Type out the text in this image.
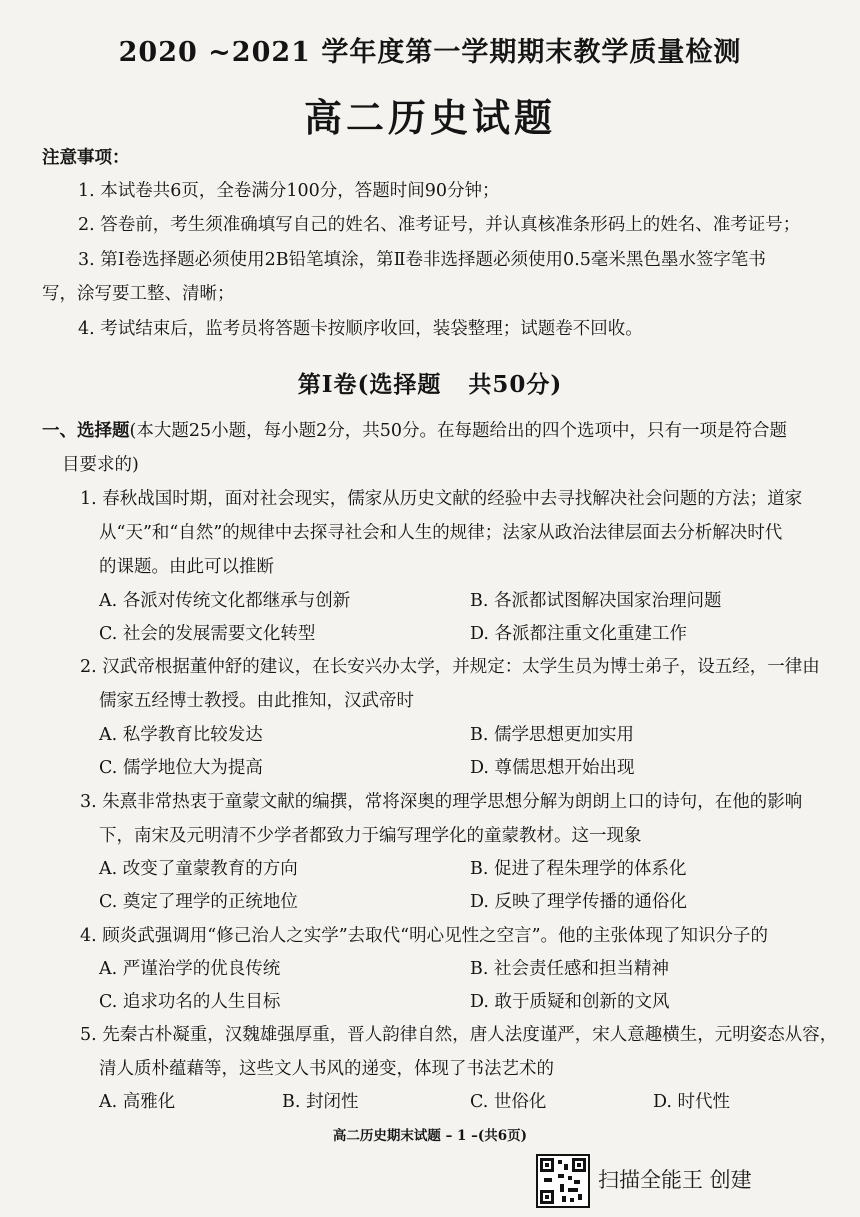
2020 ~2021 学年度第一学期期末教学质量检测
高二历史试题
注意事项：
1. 本试卷共6页，全卷满分100分，答题时间90分钟；
2. 答卷前，考生须准确填写自己的姓名、准考证号，并认真核准条形码上的姓名、准考证号；
3. 第Ⅰ卷选择题必须使用2B铅笔填涂，第Ⅱ卷非选择题必须使用0.5毫米黑色墨水签字笔书
写，涂写要工整、清晰；
4. 考试结束后，监考员将答题卡按顺序收回，装袋整理；试题卷不回收。
第Ⅰ卷(选择题   共50分)
一、选择题(本大题25小题，每小题2分，共50分。在每题给出的四个选项中，只有一项是符合题
目要求的)
1. 春秋战国时期，面对社会现实，儒家从历史文献的经验中去寻找解决社会问题的方法；道家
从“天”和“自然”的规律中去探寻社会和人生的规律；法家从政治法律层面去分析解决时代
的课题。由此可以推断
A. 各派对传统文化都继承与创新	B. 各派都试图解决国家治理问题
C. 社会的发展需要文化转型	D. 各派都注重文化重建工作
2. 汉武帝根据董仲舒的建议，在长安兴办太学，并规定：太学生员为博士弟子，设五经，一律由
儒家五经博士教授。由此推知，汉武帝时
A. 私学教育比较发达	B. 儒学思想更加实用
C. 儒学地位大为提高	D. 尊儒思想开始出现
3. 朱熹非常热衷于童蒙文献的编撰，常将深奥的理学思想分解为朗朗上口的诗句，在他的影响
下，南宋及元明清不少学者都致力于编写理学化的童蒙教材。这一现象
A. 改变了童蒙教育的方向	B. 促进了程朱理学的体系化
C. 奠定了理学的正统地位	D. 反映了理学传播的通俗化
4. 顾炎武强调用“修己治人之实学”去取代“明心见性之空言”。他的主张体现了知识分子的
A. 严谨治学的优良传统	B. 社会责任感和担当精神
C. 追求功名的人生目标	D. 敢于质疑和创新的文风
5. 先秦古朴凝重，汉魏雄强厚重，晋人韵律自然，唐人法度谨严，宋人意趣横生，元明姿态从容，
清人质朴蕴藉等，这些文人书风的递变，体现了书法艺术的
A. 高雅化	B. 封闭性	C. 世俗化	D. 时代性
高二历史期末试题 – 1 –(共6页)
扫描全能王 创建
